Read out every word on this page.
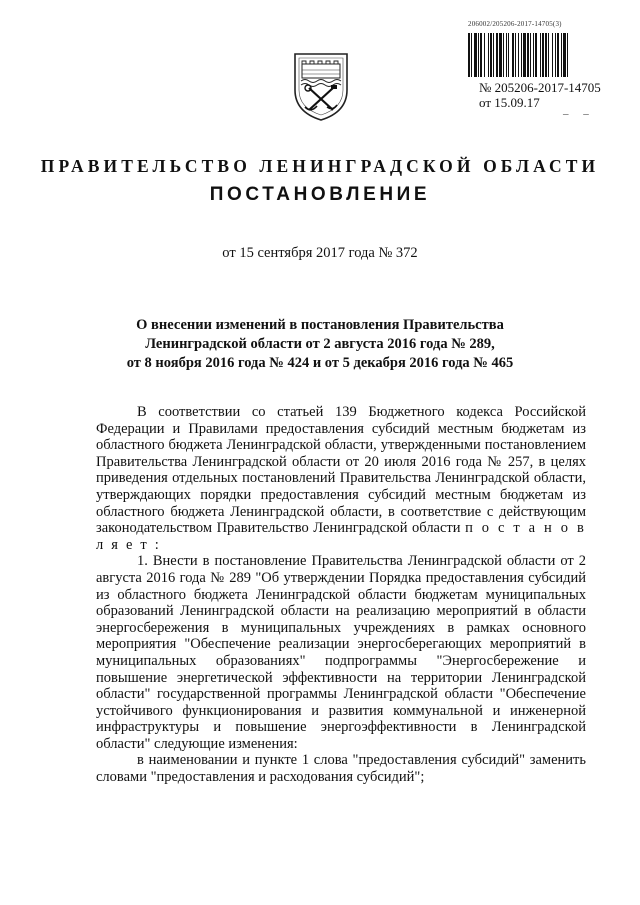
206002/205206-2017-14705(3)
№ 205206-2017-14705
от 15.09.17
– –
ПРАВИТЕЛЬСТВО ЛЕНИНГРАДСКОЙ ОБЛАСТИ
ПОСТАНОВЛЕНИЕ
от 15 сентября 2017 года № 372
О внесении изменений в постановления Правительства
Ленинградской области от 2 августа 2016 года № 289,
от 8 ноября 2016 года № 424 и от 5 декабря 2016 года № 465

В соответствии со статьей 139 Бюджетного кодекса Российской Федерации и Правилами предоставления субсидий местным бюджетам из областного бюджета Ленинградской области, утвержденными постановлением Правительства Ленинградской области от 20 июля 2016 года № 257, в целях приведения отдельных постановлений Правительства Ленинградской области, утверждающих порядки предоставления субсидий местным бюджетам из областного бюджета Ленинградской области, в соответствие с действующим законодательством Правительство Ленинградской области п о с т а н о в л я е т :

1. Внести в постановление Правительства Ленинградской области от 2 августа 2016 года № 289 "Об утверждении Порядка предоставления субсидий из областного бюджета Ленинградской области бюджетам муниципальных образований Ленинградской области на реализацию мероприятий в области энергосбережения в муниципальных учреждениях в рамках основного мероприятия "Обеспечение реализации энергосберегающих мероприятий в муниципальных образованиях" подпрограммы "Энергосбережение и повышение энергетической эффективности на территории Ленинградской области" государственной программы Ленинградской области "Обеспечение устойчивого функционирования и развития коммунальной и инженерной инфраструктуры и повышение энергоэффективности в Ленинградской области" следующие изменения:

в наименовании и пункте 1 слова "предоставления субсидий" заменить словами "предоставления и расходования субсидий";
